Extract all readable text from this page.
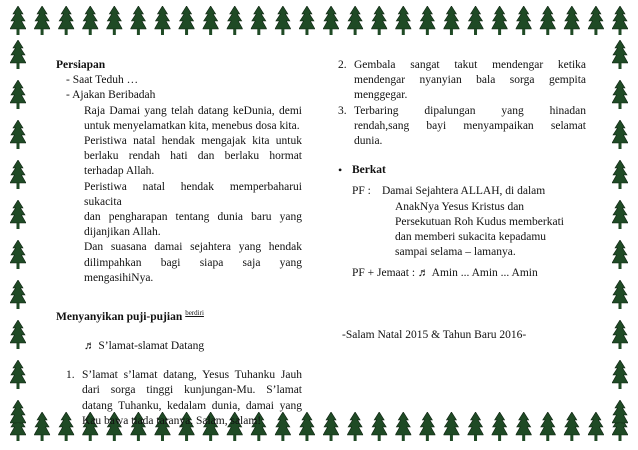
Persiapan
- Saat Teduh …
- Ajakan Beribadah
Raja Damai yang telah datang keDunia, demi
untuk menyelamatkan kita, menebus dosa kita.
Peristiwa natal hendak mengajak kita untuk
berlaku rendah hati dan berlaku hormat
terhadap Allah.
Peristiwa natal hendak memperbaharui sukacita
dan pengharapan tentang dunia baru yang
dijanjikan Allah.
Dan suasana damai sejahtera yang hendak
dilimpahkan bagi siapa saja yang
mengasihiNya.
Menyanyikan puji-pujian $^{berdiri}$
♬ S’lamat-slamat Datang
1. S’lamat s’lamat datang, Yesus Tuhanku Jauh
dari sorga tinggi kunjungan-Mu. S’lamat
datang Tuhanku, kedalam dunia, damai yang
Kau bawa tiada taranya. Salam, salam!
2. Gembala sangat takut mendengar ketika
mendengar nyanyian bala sorga gempita
menggegar.
3. Terbaring dipalungan yang hinadan
rendah,sang bayi menyampaikan selamat
dunia.
• Berkat
PF : Damai Sejahtera ALLAH, di dalam
AnakNya Yesus Kristus dan
Persekutuan Roh Kudus memberkati
dan memberi sukacita kepadamu
sampai selama – lamanya.
PF + Jemaat : ♬ Amin ... Amin ... Amin
-Salam Natal 2015 & Tahun Baru 2016-
